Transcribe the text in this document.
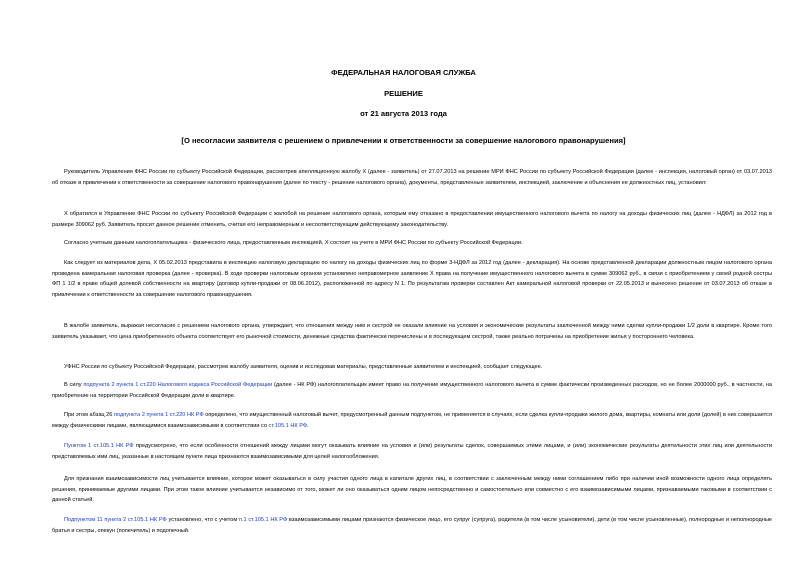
ФЕДЕРАЛЬНАЯ НАЛОГОВАЯ СЛУЖБА
РЕШЕНИЕ
от 21 августа 2013 года
[О несогласии заявителя с решением о привлечении к ответственности за совершение налогового правонарушения]
Руководитель Управления ФНС России по субъекту Российской Федерации, рассмотрев апелляционную жалобу Х (далее - заявитель) от 27.07.2013 на решение МРИ ФНС России по субъекту Российской Федерации (далее - инспекция, налоговый орган) от 03.07.2013 об отказе в привлечении к ответственности за совершение налогового правонарушения (далее по тексту - решение налогового органа), документы, представленные заявителем, инспекцией, заключение и объяснения ее должностных лиц, установил:
Х обратился в Управление ФНС России по субъекту Российской Федерации с жалобой на решение налогового органа, которым ему отказано в предоставлении имущественного налогового вычета по налогу на доходы физических лиц (далее - НДФЛ) за 2012 год в размере 309062 руб. Заявитель просит данное решение отменить, считая его неправомерным и несоответствующим действующему законодательству.
Согласно учетным данным налогоплательщика - физического лица, предоставленным инспекцией, Х состоит на учете в МРИ ФНС России по субъекту Российской Федерации.
Как следует из материалов дела, Х 05.02.2013 представила в инспекцию налоговую декларацию по налогу на доходы физических лиц по форме 3-НДФЛ за 2012 год (далее - декларация). На основе представленной декларации должностным лицом налогового органа проведена камеральная налоговая проверка (далее - проверка). В ходе проверки налоговым органом установлено неправомерное заявление Х права на получение имущественного налогового вычета в сумме 309062 руб., в связи с приобретением у своей родной сестры ФП 1 1/2 в праве общей долевой собственности на квартиру (договор купли-продажи от 08.06.2012), расположенной по адресу N 1. По результатам проверки составлен Акт камеральной налоговой проверки от 22.05.2013 и вынесено решение от 03.07.2013 об отказе в привлечении к ответственности за совершение налогового правонарушения.
В жалобе заявитель, выражая несогласие с решением налогового органа, утверждает, что отношения между ним и сестрой не оказали влияние на условия и экономические результаты заключенной между ними сделки купли-продажи 1/2 доли в квартире. Кроме того заявитель указывает, что цена приобретенного объекта соответствует его рыночной стоимости, денежные средства фактически перечислены и в последующем сестрой, также реально потрачены на приобретение жилья у постороннего человека.
УФНС России по субъекту Российской Федерации, рассмотрев жалобу заявителя, оценив и исследовав материалы, представленные заявителем и инспекцией, сообщает следующее.
В силу подпункта 2 пункта 1 ст.220 Налогового кодекса Российской Федерации (далее - НК РФ) налогоплательщик имеет право на получение имущественного налогового вычета в сумме фактически произведенных расходов, но не более 2000000 руб., в частности, на приобретение на территории Российской Федерации доли в квартире.
При этом абзац 26 подпункта 2 пункта 1 ст.220 НК РФ определено, что имущественный налоговый вычет, предусмотренный данным подпунктом, не применяется в случаях, если сделка купли-продажи жилого дома, квартиры, комнаты или доли (долей) в них совершается между физическими лицами, являющимися взаимозависимыми в соответствии со ст.105.1 НК РФ.
Пунктом 1 ст.105.1 НК РФ предусмотрено, что если особенности отношений между лицами могут оказывать влияние на условия и (или) результаты сделок, совершаемых этими лицами, и (или) экономические результаты деятельности этих лиц или деятельности представляемых ими лиц, указанные в настоящем пункте лица признаются взаимозависимыми для целей налогообложения.
Для признания взаимозависимости лиц учитывается влияние, которое может оказываться в силу участия одного лица в капитале других лиц, в соответствии с заключенным между ними соглашением либо при наличии иной возможности одного лица определять решения, принимаемые другими лицами. При этом такое влияние учитывается независимо от того, может ли оно оказываться одним лицом непосредственно и самостоятельно или совместно с его взаимозависимыми лицами, признаваемыми таковыми в соответствии с данной статьей.
Подпунктом 11 пункта 2 ст.105.1 НК РФ установлено, что с учетом п.1 ст.105.1 НК РФ взаимозависимыми лицами признаются физическое лицо, его супруг (супруга), родители (в том числе усыновители), дети (в том числе усыновленные), полнородные и неполнородные братья и сестры, опекун (попечитель) и подопечный.
